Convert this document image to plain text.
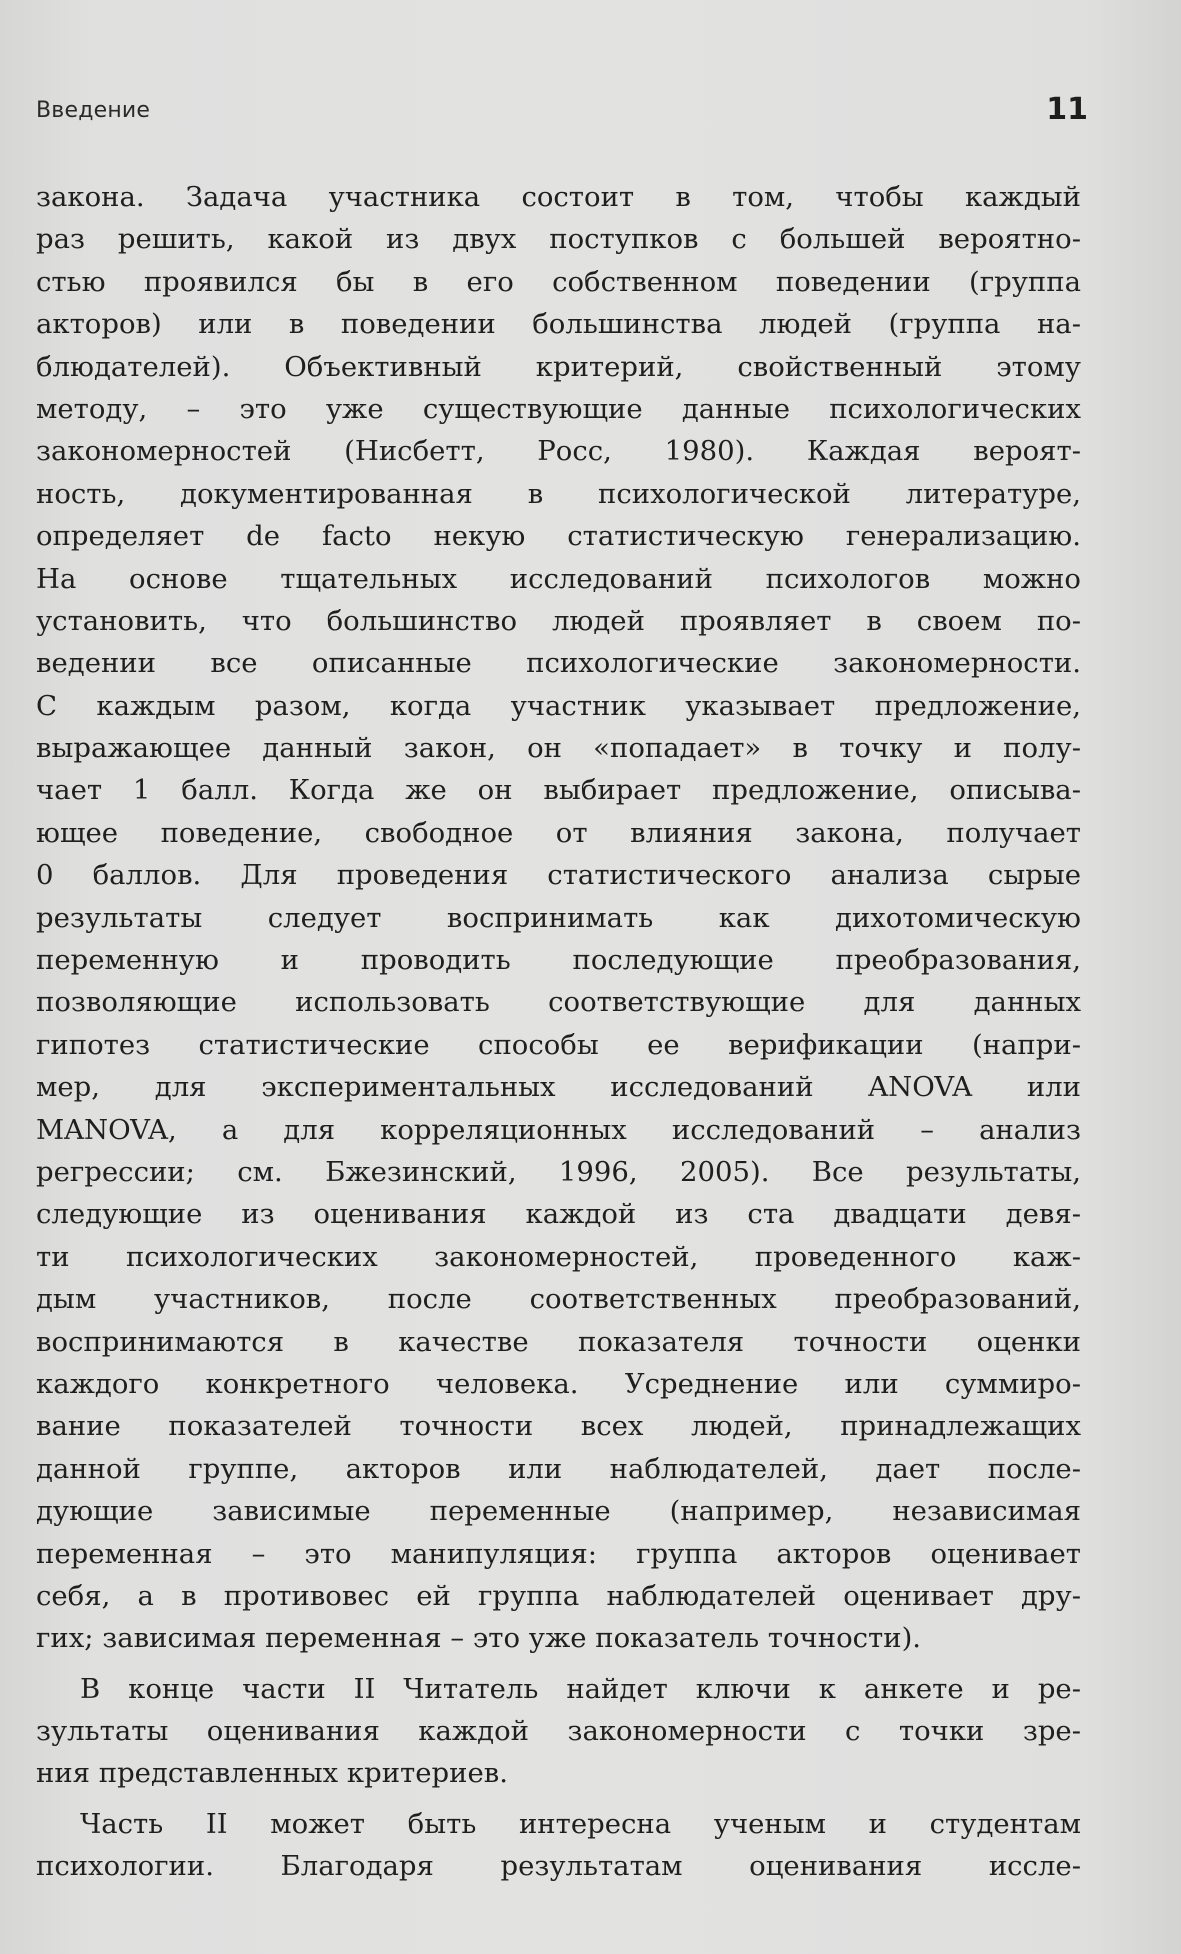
Введение	11

закона. Задача участника состоит в том, чтобы каждый
раз решить, какой из двух поступков с большей вероятно-
стью проявился бы в его собственном поведении (группа
акторов) или в поведении большинства людей (группа на-
блюдателей). Объективный критерий, свойственный этому
методу, – это уже существующие данные психологических
закономерностей (Нисбетт, Росс, 1980). Каждая вероят-
ность, документированная в психологической литературе,
определяет de facto некую статистическую генерализацию.
На основе тщательных исследований психологов можно
установить, что большинство людей проявляет в своем по-
ведении все описанные психологические закономерности.
С каждым разом, когда участник указывает предложение,
выражающее данный закон, он «попадает» в точку и полу-
чает 1 балл. Когда же он выбирает предложение, описыва-
ющее поведение, свободное от влияния закона, получает
0 баллов. Для проведения статистического анализа сырые
результаты следует воспринимать как дихотомическую
переменную и проводить последующие преобразования,
позволяющие использовать соответствующие для данных
гипотез статистические способы ее верификации (напри-
мер, для экспериментальных исследований ANOVA или
MANOVA, а для корреляционных исследований – анализ
регрессии; см. Бжезинский, 1996, 2005). Все результаты,
следующие из оценивания каждой из ста двадцати девя-
ти психологических закономерностей, проведенного каж-
дым участников, после соответственных преобразований,
воспринимаются в качестве показателя точности оценки
каждого конкретного человека. Усреднение или суммиро-
вание показателей точности всех людей, принадлежащих
данной группе, акторов или наблюдателей, дает после-
дующие зависимые переменные (например, независимая
переменная – это манипуляция: группа акторов оценивает
себя, а в противовес ей группа наблюдателей оценивает дру-
гих; зависимая переменная – это уже показатель точности).

В конце части II Читатель найдет ключи к анкете и ре-
зультаты оценивания каждой закономерности с точки зре-
ния представленных критериев.

Часть II может быть интересна ученым и студентам
психологии. Благодаря результатам оценивания иссле-
